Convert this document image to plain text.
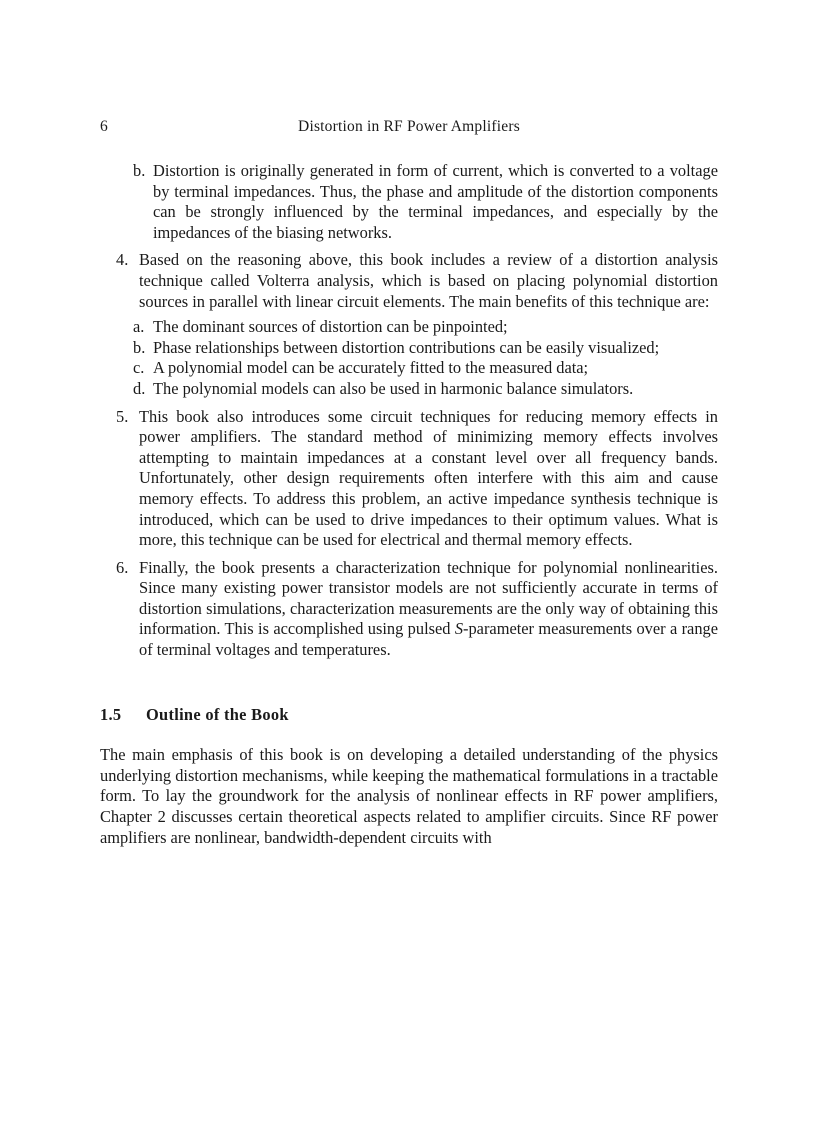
6	Distortion in RF Power Amplifiers
b. Distortion is originally generated in form of current, which is converted to a voltage by terminal impedances. Thus, the phase and amplitude of the distortion components can be strongly influenced by the terminal impedances, and especially by the impedances of the biasing networks.
4. Based on the reasoning above, this book includes a review of a distortion analysis technique called Volterra analysis, which is based on placing polynomial distortion sources in parallel with linear circuit elements. The main benefits of this technique are:
a. The dominant sources of distortion can be pinpointed;
b. Phase relationships between distortion contributions can be easily visualized;
c. A polynomial model can be accurately fitted to the measured data;
d. The polynomial models can also be used in harmonic balance simulators.
5. This book also introduces some circuit techniques for reducing memory effects in power amplifiers. The standard method of minimizing memory effects involves attempting to maintain impedances at a constant level over all frequency bands. Unfortunately, other design requirements often interfere with this aim and cause memory effects. To address this problem, an active impedance synthesis technique is introduced, which can be used to drive impedances to their optimum values. What is more, this technique can be used for electrical and thermal memory effects.
6. Finally, the book presents a characterization technique for polynomial nonlinearities. Since many existing power transistor models are not sufficiently accurate in terms of distortion simulations, characterization measurements are the only way of obtaining this information. This is accomplished using pulsed S-parameter measurements over a range of terminal voltages and temperatures.
1.5 Outline of the Book
The main emphasis of this book is on developing a detailed understanding of the physics underlying distortion mechanisms, while keeping the mathematical formulations in a tractable form. To lay the groundwork for the analysis of nonlinear effects in RF power amplifiers, Chapter 2 discusses certain theoretical aspects related to amplifier circuits. Since RF power amplifiers are nonlinear, bandwidth-dependent circuits with
